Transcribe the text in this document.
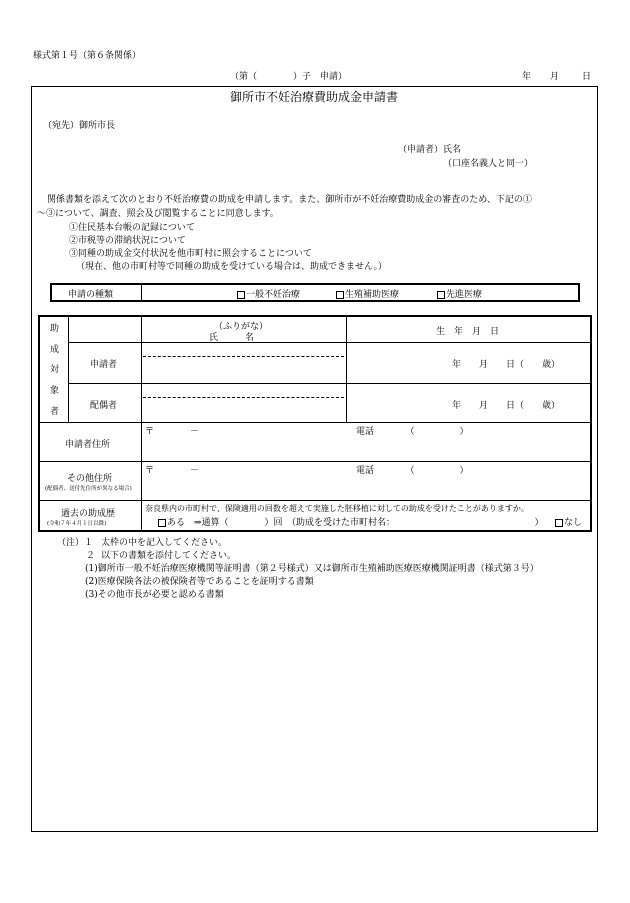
様式第１号（第６条関係）
（第（　　　　）子　申請）	年 月	日
御所市不妊治療費助成金申請書
（宛先）御所市長
（申請者）氏名
（口座名義人と同一）
関係書類を添えて次のとおり不妊治療費の助成を申請します。また、御所市が不妊治療費助成金の審査のため、下記の①
～③について、調査、照会及び閲覧することに同意します。
①住民基本台帳の記録について
②市税等の滞納状況について
③同種の助成金交付状況を他市町村に照会することについて
（現在、他の市町村等で同種の助成を受けている場合は、助成できません。）
申請の種類	一般不妊治療	生殖補助医療	先進医療
助
成
対
象
者
（ふりがな）
氏　　　名
生　年　月　日
申請者	年　　月　　日（　　歳）
配偶者	年　　月　　日（　　歳）
申請者住所
〒　　　　－	電話　　　　（　　　　　）
その他住所
(配偶者、送付先住所が異なる場合)
〒　　　　－	電話　　　　（　　　　　）
過去の助成歴
(令和７年４月１日以降)
奈良県内の市町村で、保険適用の回数を超えて実施した胚移植に対しての助成を受けたことがありますか。
ある　⇒通算（　　　　）回　（助成を受けた市町村名：　　　　　　　　　　　　　　　　）	なし
（注）１ 太枠の中を記入してください。
２ 以下の書類を添付してください。
(1)御所市一般不妊治療医療機関等証明書（第２号様式）又は御所市生殖補助医療医療機関証明書（様式第３号）
(2)医療保険各法の被保険者等であることを証明する書類
(3)その他市長が必要と認める書類
